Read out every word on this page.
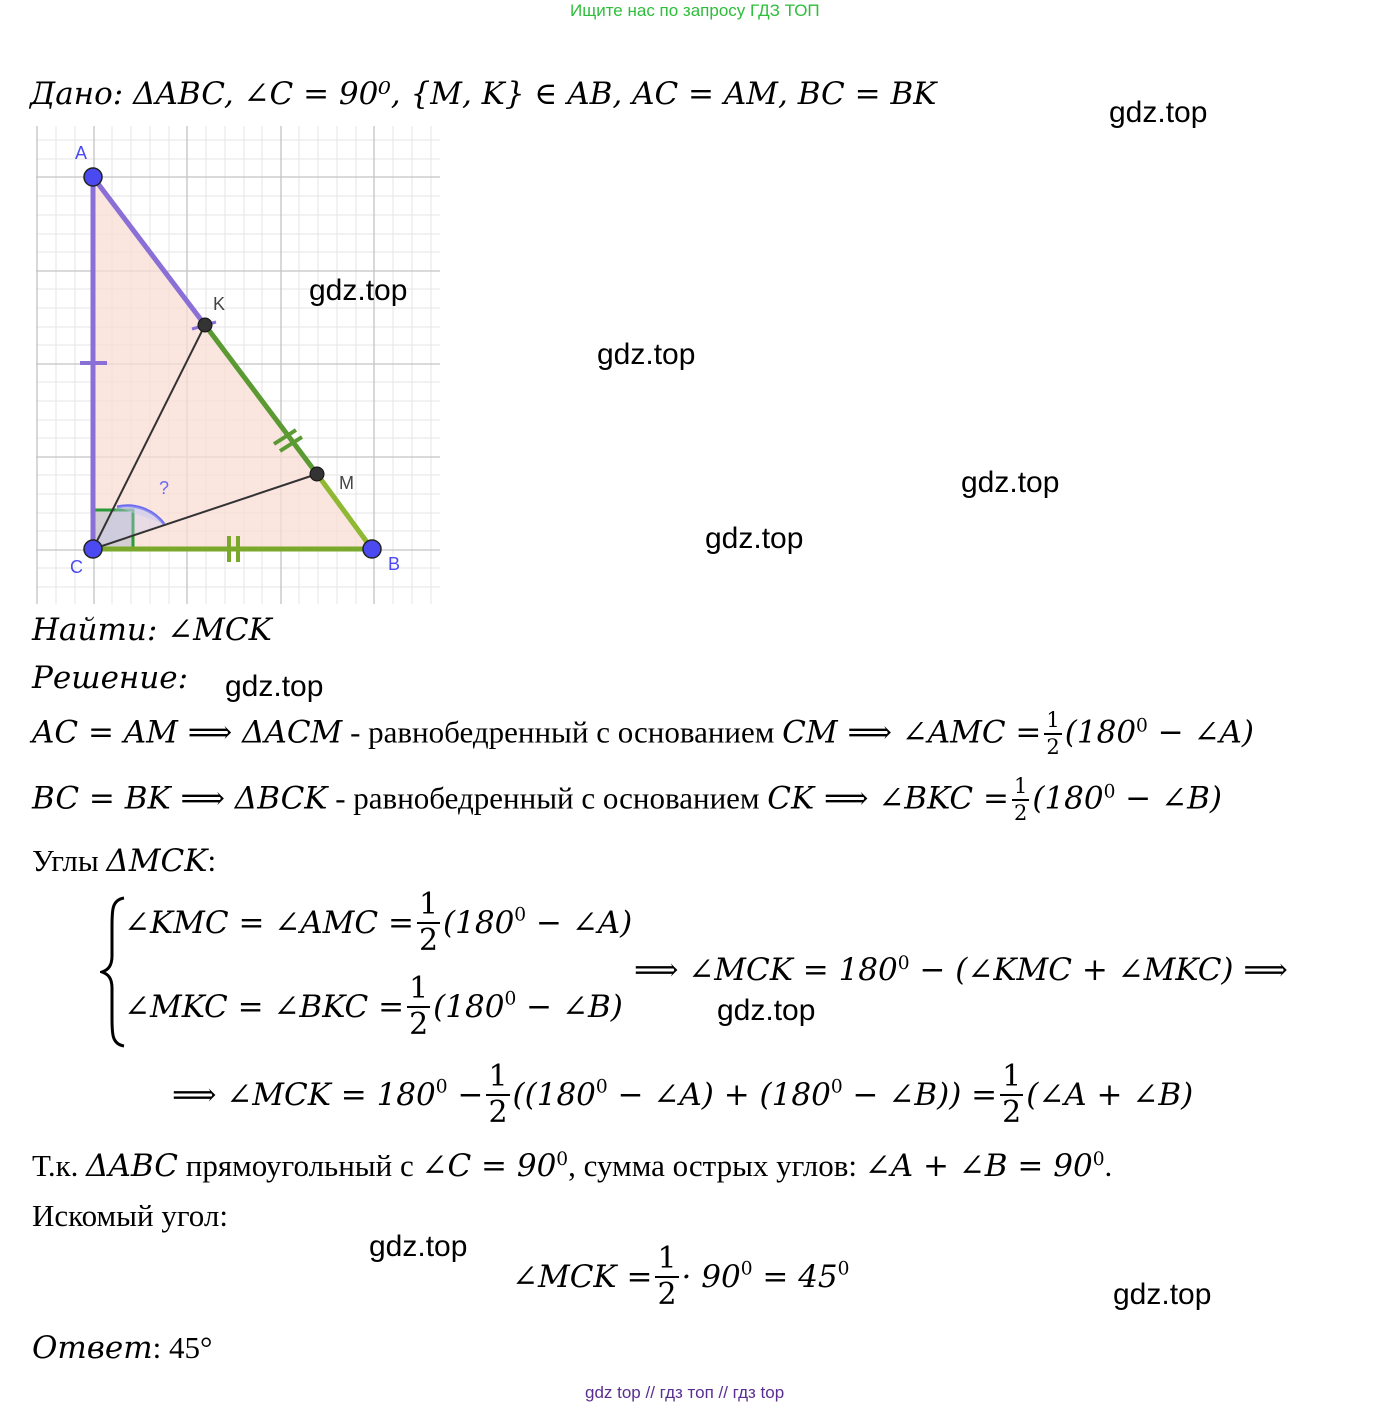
Ищите нас по запросу ГДЗ ТОП
Дано: ΔABC, ∠C = 90⁰, {M, K} ∈ AB, AC = AM, BC = BK
A
B
C
K
M
?
gdz.top
gdz.top
gdz.top
gdz.top
gdz.top
gdz.top
gdz.top
gdz.top
gdz.top
Найти: ∠MCK
Решение:
AC = AM ⟹ ΔACM - равнобедренный с основанием CM ⟹ ∠AMC = $\frac{1}{2} (180^0$ − ∠A)
BC = BK ⟹ ΔBCK - равнобедренный с основанием CK ⟹ ∠BKC = $\frac{1}{2} (180^0$ − ∠B)
Углы ΔMCK:
∠KMC = ∠AMC = $\frac{1}{2} (180^0$ − ∠A)
∠MKC = ∠BKC = $\frac{1}{2} (180^0$ − ∠B)
⟹ ∠MCK = $180^0$ − (∠KMC + ∠MKC) ⟹
⟹ ∠MCK = $180^0 - \frac{1}{2} ((180^0$ − ∠A) + ($180^0$ − ∠B)) = $\frac{1}{2}$ (∠A + ∠B)
Т.к. ΔABC прямоугольный с ∠C = $90^0$, сумма острых углов: ∠A + ∠B = $90^0$.
Искомый угол:
∠MCK = $\frac{1}{2} \cdot 90^0 = 45^0$
Ответ: 45°
gdz top // гдз топ // гдз top
